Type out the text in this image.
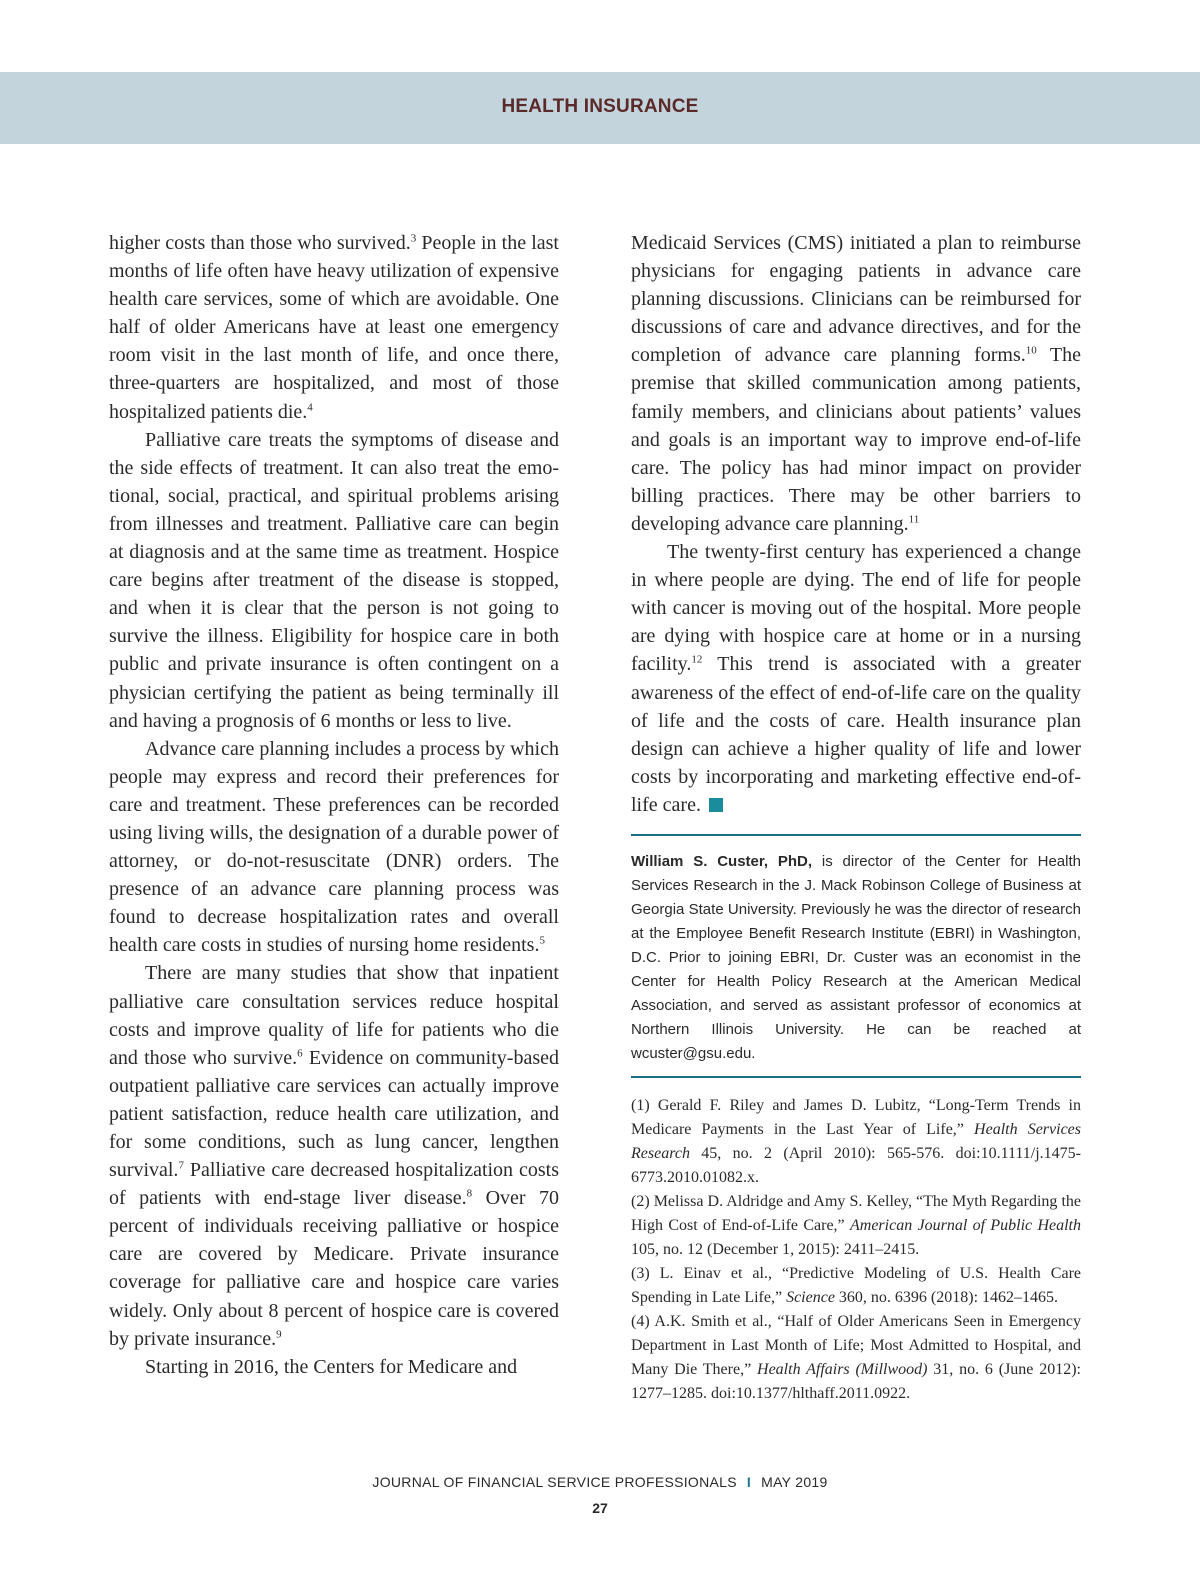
HEALTH INSURANCE

higher costs than those who survived.$^3$ People in the last months of life often have heavy utilization of expensive health care services, some of which are avoidable. One half of older Americans have at least one emergency room visit in the last month of life, and once there, three-quarters are hospitalized, and most of those hospitalized patients die.$^4$

Palliative care treats the symptoms of disease and the side effects of treatment. It can also treat the emotional, social, practical, and spiritual problems arising from illnesses and treatment. Palliative care can begin at diagnosis and at the same time as treatment. Hospice care begins after treatment of the disease is stopped, and when it is clear that the person is not going to survive the illness. Eligibility for hospice care in both public and private insurance is often contingent on a physician certifying the patient as being terminally ill and having a prognosis of 6 months or less to live.

Advance care planning includes a process by which people may express and record their preferences for care and treatment. These preferences can be recorded using living wills, the designation of a durable power of attorney, or do-not-resuscitate (DNR) orders. The presence of an advance care planning process was found to decrease hospitalization rates and overall health care costs in studies of nursing home residents.$^5$

There are many studies that show that inpatient palliative care consultation services reduce hospital costs and improve quality of life for patients who die and those who survive.$^6$ Evidence on community-based outpatient palliative care services can actually improve patient satisfaction, reduce health care utilization, and for some conditions, such as lung cancer, lengthen survival.$^7$ Palliative care decreased hospitalization costs of patients with end-stage liver disease.$^8$ Over 70 percent of individuals receiving palliative or hospice care are covered by Medicare. Private insurance coverage for palliative care and hospice care varies widely. Only about 8 percent of hospice care is covered by private insurance.$^9$

Starting in 2016, the Centers for Medicare and

Medicaid Services (CMS) initiated a plan to reimburse physicians for engaging patients in advance care planning discussions. Clinicians can be reimbursed for discussions of care and advance directives, and for the completion of advance care planning forms.$^{10}$ The premise that skilled communication among patients, family members, and clinicians about patients’ values and goals is an important way to improve end-of-life care. The policy has had minor impact on provider billing practices. There may be other barriers to developing advance care planning.$^{11}$

The twenty-first century has experienced a change in where people are dying. The end of life for people with cancer is moving out of the hospital. More people are dying with hospice care at home or in a nursing facility.$^{12}$ This trend is associated with a greater awareness of the effect of end-of-life care on the quality of life and the costs of care. Health insurance plan design can achieve a higher quality of life and lower costs by incorporating and marketing effective end-of-life care.

William S. Custer, PhD, is director of the Center for Health Services Research in the J. Mack Robinson College of Business at Georgia State University. Previously he was the director of research at the Employee Benefit Research Institute (EBRI) in Washington, D.C. Prior to joining EBRI, Dr. Custer was an economist in the Center for Health Policy Research at the American Medical Association, and served as assistant professor of economics at Northern Illinois University. He can be reached at wcuster@gsu.edu.

(1) Gerald F. Riley and James D. Lubitz, “Long-Term Trends in Medicare Payments in the Last Year of Life,” Health Services Research 45, no. 2 (April 2010): 565-576. doi:10.1111/j.1475-6773.2010.01082.x.

(2) Melissa D. Aldridge and Amy S. Kelley, “The Myth Regarding the High Cost of End-of-Life Care,” American Journal of Public Health 105, no. 12 (December 1, 2015): 2411–2415.

(3) L. Einav et al., “Predictive Modeling of U.S. Health Care Spending in Late Life,” Science 360, no. 6396 (2018): 1462–1465.

(4) A.K. Smith et al., “Half of Older Americans Seen in Emergency Department in Last Month of Life; Most Admitted to Hospital, and Many Die There,” Health Affairs (Millwood) 31, no. 6 (June 2012): 1277–1285. doi:10.1377/hlthaff.2011.0922.

JOURNAL OF FINANCIAL SERVICE PROFESSIONALS I MAY 2019
27
